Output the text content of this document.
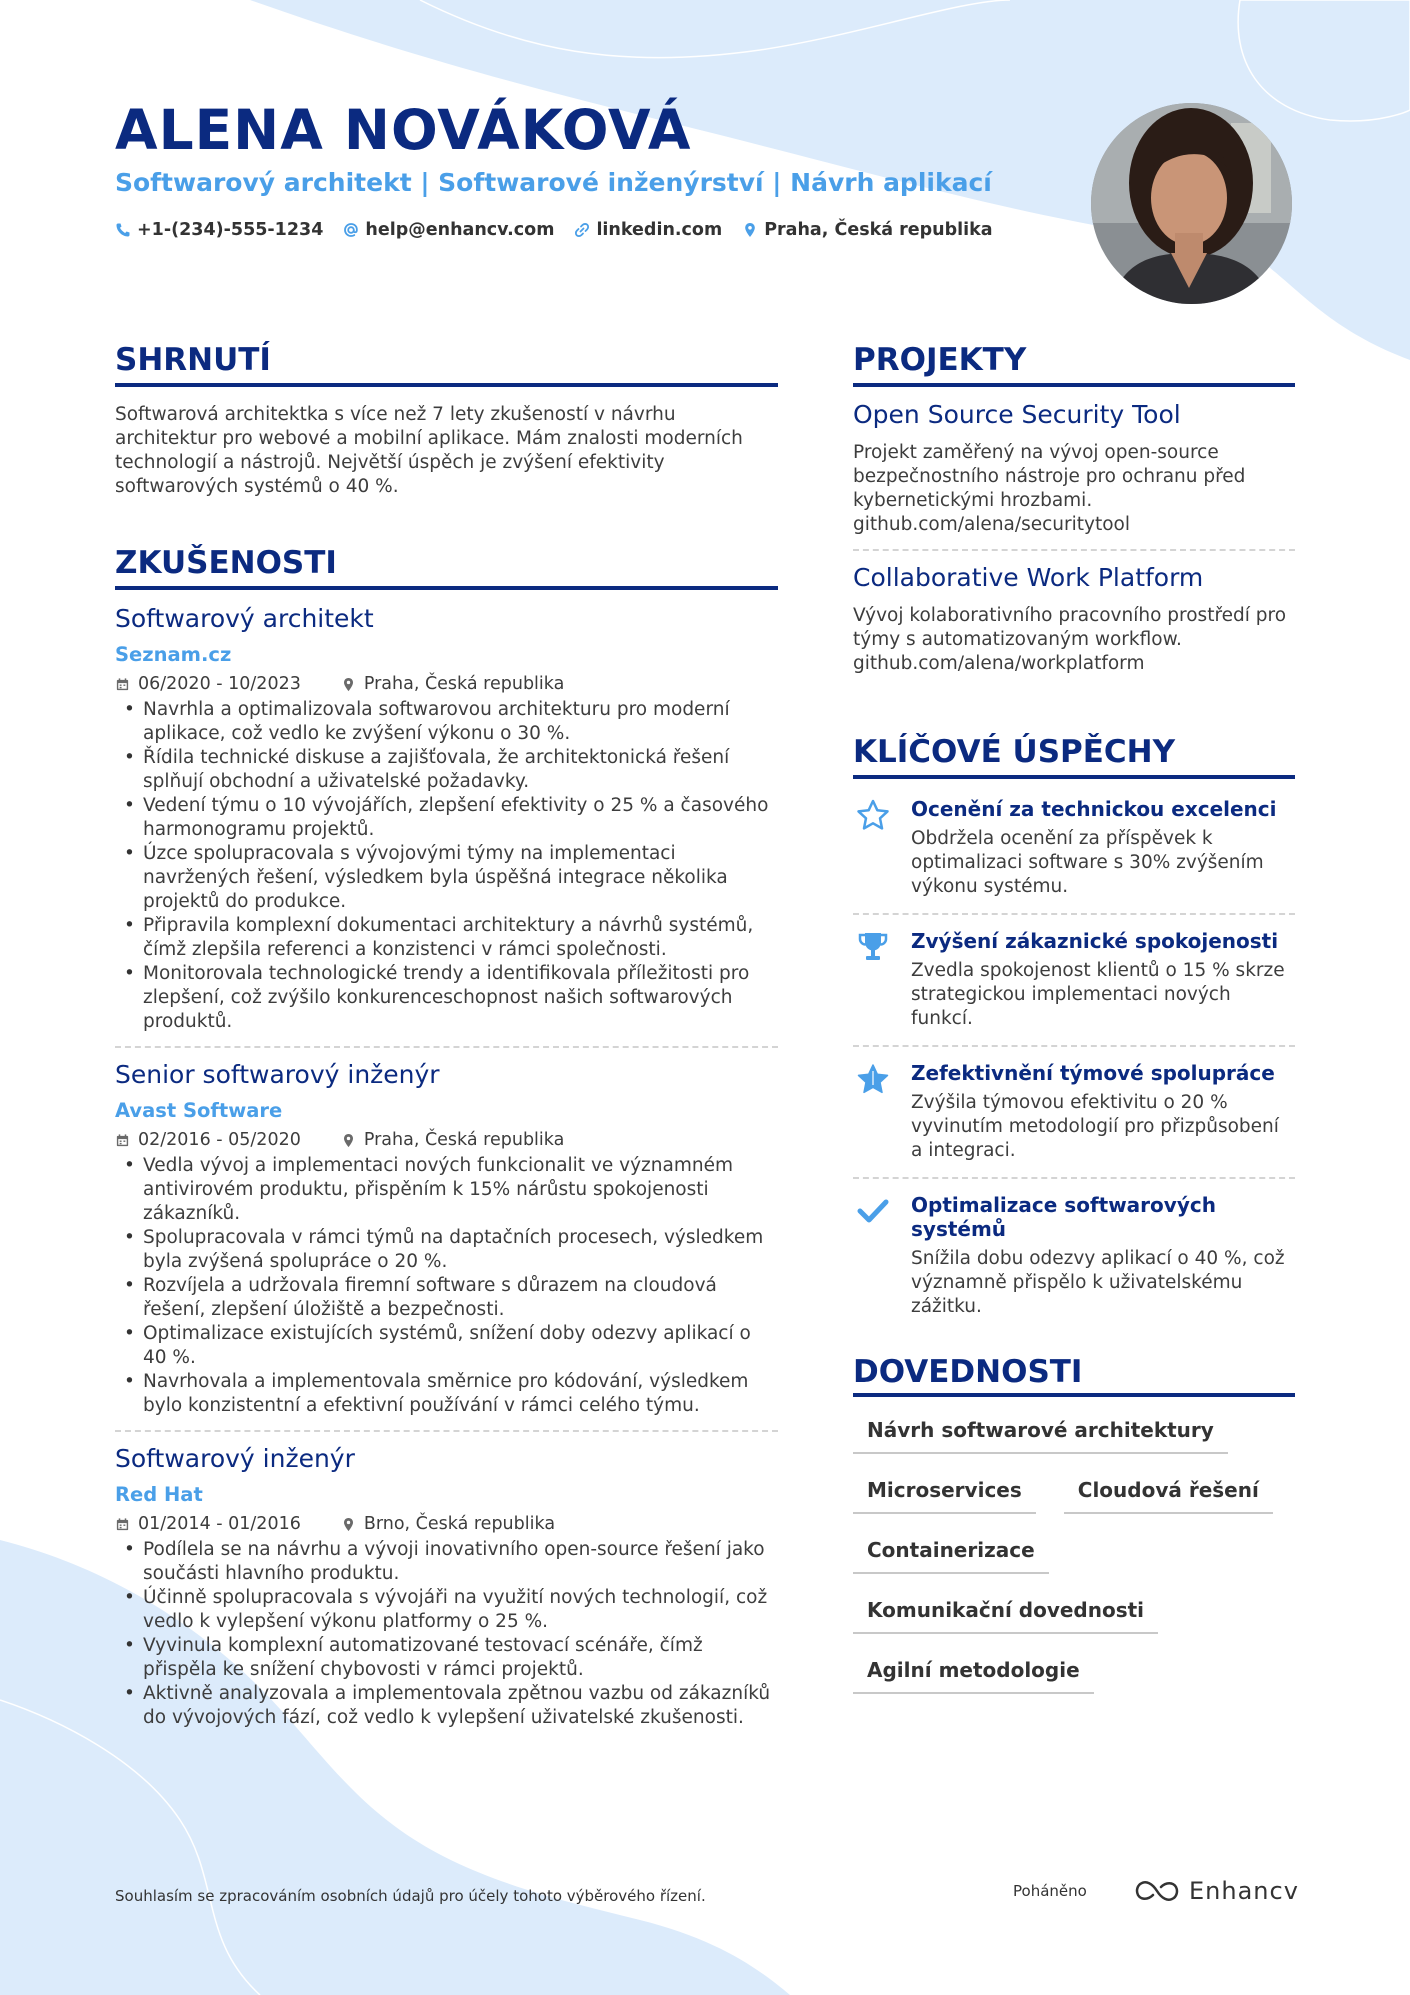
ALENA NOVÁKOVÁ
Softwarový architekt | Softwarové inženýrství | Návrh aplikací
+1-(234)-555-1234 help@enhancv.com linkedin.com Praha, Česká republika
SHRNUTÍ
Softwarová architektka s více než 7 lety zkušeností v návrhu architektur pro webové a mobilní aplikace. Mám znalosti moderních technologií a nástrojů. Největší úspěch je zvýšení efektivity softwarových systémů o 40 %.
ZKUŠENOSTI
Softwarový architekt
Seznam.cz
06/2020 - 10/2023	Praha, Česká republika
• Navrhla a optimalizovala softwarovou architekturu pro moderní aplikace, což vedlo ke zvýšení výkonu o 30 %.
• Řídila technické diskuse a zajišťovala, že architektonická řešení splňují obchodní a uživatelské požadavky.
• Vedení týmu o 10 vývojářích, zlepšení efektivity o 25 % a časového harmonogramu projektů.
• Úzce spolupracovala s vývojovými týmy na implementaci navržených řešení, výsledkem byla úspěšná integrace několika projektů do produkce.
• Připravila komplexní dokumentaci architektury a návrhů systémů, čímž zlepšila referenci a konzistenci v rámci společnosti.
• Monitorovala technologické trendy a identifikovala příležitosti pro zlepšení, což zvýšilo konkurenceschopnost našich softwarových produktů.
Senior softwarový inženýr
Avast Software
02/2016 - 05/2020	Praha, Česká republika
• Vedla vývoj a implementaci nových funkcionalit ve významném antivirovém produktu, přispěním k 15% nárůstu spokojenosti zákazníků.
• Spolupracovala v rámci týmů na daptačních procesech, výsledkem byla zvýšená spolupráce o 20 %.
• Rozvíjela a udržovala firemní software s důrazem na cloudová řešení, zlepšení úložiště a bezpečnosti.
• Optimalizace existujících systémů, snížení doby odezvy aplikací o 40 %.
• Navrhovala a implementovala směrnice pro kódování, výsledkem bylo konzistentní a efektivní používání v rámci celého týmu.
Softwarový inženýr
Red Hat
01/2014 - 01/2016	Brno, Česká republika
• Podílela se na návrhu a vývoji inovativního open-source řešení jako součásti hlavního produktu.
• Účinně spolupracovala s vývojáři na využití nových technologií, což vedlo k vylepšení výkonu platformy o 25 %.
• Vyvinula komplexní automatizované testovací scénáře, čímž přispěla ke snížení chybovosti v rámci projektů.
• Aktivně analyzovala a implementovala zpětnou vazbu od zákazníků do vývojových fází, což vedlo k vylepšení uživatelské zkušenosti.
PROJEKTY
Open Source Security Tool
Projekt zaměřený na vývoj open-source bezpečnostního nástroje pro ochranu před kybernetickými hrozbami. github.com/alena/securitytool
Collaborative Work Platform
Vývoj kolaborativního pracovního prostředí pro týmy s automatizovaným workflow. github.com/alena/workplatform
KLÍČOVÉ ÚSPĚCHY
Ocenění za technickou excelenci
Obdržela ocenění za příspěvek k optimalizaci software s 30% zvýšením výkonu systému.
Zvýšení zákaznické spokojenosti
Zvedla spokojenost klientů o 15 % skrze strategickou implementaci nových funkcí.
Zefektivnění týmové spolupráce
Zvýšila týmovou efektivitu o 20 % vyvinutím metodologií pro přizpůsobení a integraci.
Optimalizace softwarových systémů
Snížila dobu odezvy aplikací o 40 %, což významně přispělo k uživatelskému zážitku.
DOVEDNOSTI
Návrh softwarové architektury
Microservices	Cloudová řešení
Containerizace
Komunikační dovednosti
Agilní metodologie
Souhlasím se zpracováním osobních údajů pro účely tohoto výběrového řízení.	Poháněno	Enhancv
